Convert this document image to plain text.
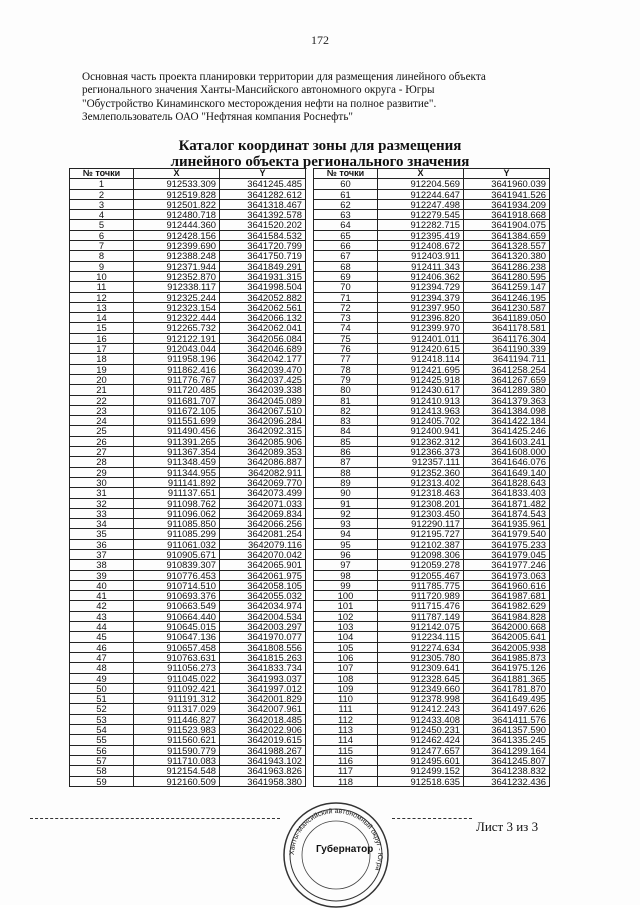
172
Основная часть проекта планировки территории для размещения линейного объекта
регионального значения Ханты-Мансийского автономного округа - Югры
"Обустройство Кинаминского месторождения нефти на полное развитие".
Землепользователь ОАО "Нефтяная компания Роснефть"
Каталог координат зоны для размещения
линейного объекта регионального значения
№ точки	X	Y
1	912533.309	3641245.485
2	912519.828	3641282.612
3	912501.822	3641318.467
4	912480.718	3641392.578
5	912444.360	3641520.202
6	912428.156	3641584.532
7	912399.690	3641720.799
8	912388.248	3641750.719
9	912371.944	3641849.291
10	912352.870	3641931.315
11	912338.117	3641998.504
12	912325.244	3642052.882
13	912323.154	3642062.561
14	912322.444	3642066.132
15	912265.732	3642062.041
16	912122.191	3642056.084
17	912043.044	3642046.689
18	911958.196	3642042.177
19	911862.416	3642039.470
20	911776.767	3642037.425
21	911720.485	3642039.338
22	911681.707	3642045.089
23	911672.105	3642067.510
24	911551.699	3642096.284
25	911490.456	3642092.315
26	911391.265	3642085.906
27	911367.354	3642089.353
28	911348.459	3642086.887
29	911344.955	3642082.911
30	911141.892	3642069.770
31	911137.651	3642073.499
32	911098.762	3642071.033
33	911096.062	3642069.834
34	911085.850	3642066.256
35	911085.299	3642081.254
36	911061.032	3642079.116
37	910905.671	3642070.042
38	910839.307	3642065.901
39	910776.453	3642061.975
40	910714.510	3642058.105
41	910693.376	3642055.032
42	910663.549	3642034.974
43	910664.440	3642004.534
44	910645.015	3642003.297
45	910647.136	3641970.077
46	910657.458	3641808.556
47	910763.631	3641815.263
48	911056.273	3641833.734
49	911045.022	3641993.037
50	911092.421	3641997.012
51	911191.312	3642001.829
52	911317.029	3642007.961
53	911446.827	3642018.485
54	911523.983	3642022.906
55	911560.621	3642019.615
56	911590.779	3641988.267
57	911710.083	3641943.102
58	912154.548	3641963.826
59	912160.509	3641958.380
№ точки	X	Y
60	912204.569	3641960.039
61	912244.647	3641941.526
62	912247.498	3641934.209
63	912279.545	3641918.668
64	912282.715	3641904.075
65	912395.419	3641384.659
66	912408.672	3641328.557
67	912403.911	3641320.380
68	912411.343	3641286.238
69	912406.362	3641280.595
70	912394.729	3641259.147
71	912394.379	3641246.195
72	912397.950	3641230.587
73	912396.820	3641189.050
74	912399.970	3641178.581
75	912401.011	3641176.304
76	912420.615	3641190.339
77	912418.114	3641194.711
78	912421.695	3641258.254
79	912425.918	3641267.659
80	912430.617	3641289.380
81	912410.913	3641379.363
82	912413.963	3641384.098
83	912405.702	3641422.184
84	912400.941	3641425.246
85	912362.312	3641603.241
86	912366.373	3641608.000
87	912357.111	3641646.076
88	912352.360	3641649.140
89	912313.402	3641828.643
90	912318.463	3641833.403
91	912308.201	3641871.482
92	912303.450	3641874.543
93	912290.117	3641935.961
94	912195.727	3641979.540
95	912102.387	3641975.233
96	912098.306	3641979.045
97	912059.278	3641977.246
98	912055.467	3641973.063
99	911785.775	3641960.616
100	911720.989	3641987.681
101	911715.476	3641982.629
102	911787.149	3641984.828
103	912142.075	3642000.668
104	912234.115	3642005.641
105	912274.634	3642005.938
106	912305.780	3641985.873
107	912309.641	3641975.126
108	912328.645	3641881.365
109	912349.660	3641781.870
110	912378.998	3641649.495
111	912412.243	3641497.626
112	912433.408	3641411.576
113	912450.231	3641357.590
114	912462.424	3641335.245
115	912477.657	3641299.164
116	912495.601	3641245.807
117	912499.152	3641238.832
118	912518.635	3641232.436
Лист 3 из 3
Ханты-Мансийский автономный округ - Югра
Губернатор
